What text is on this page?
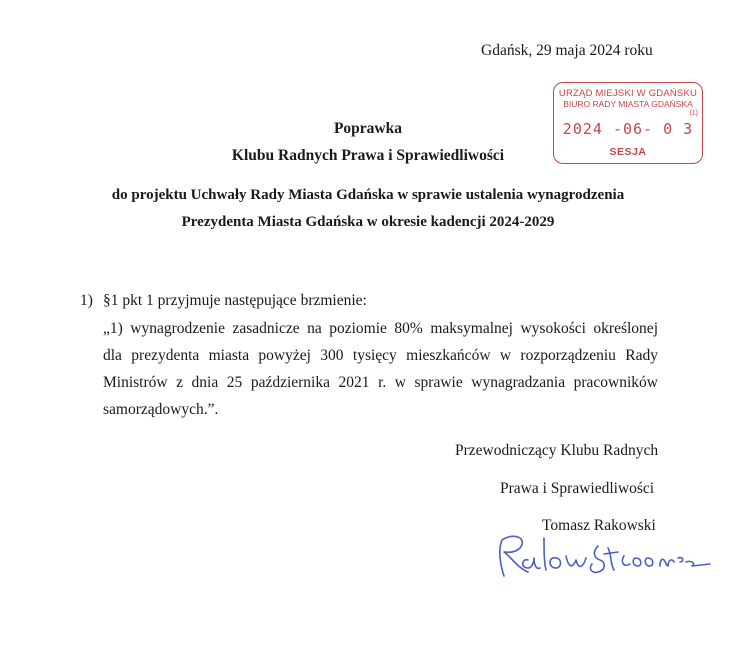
Gdańsk, 29 maja 2024 roku
URZĄD MIEJSKI W GDAŃSKU
BIURO RADY MIASTA GDAŃSKA
(1)
2024 -06- 0 3
SESJA
Poprawka
Klubu Radnych Prawa i Sprawiedliwości
do projektu Uchwały Rady Miasta Gdańska w sprawie ustalenia wynagrodzenia
Prezydenta Miasta Gdańska w okresie kadencji 2024-2029
1) §1 pkt 1 przyjmuje następujące brzmienie:
„1) wynagrodzenie zasadnicze na poziomie 80% maksymalnej wysokości określonej
dla prezydenta miasta powyżej 300 tysięcy mieszkańców w rozporządzeniu Rady
Ministrów z dnia 25 października 2021 r. w sprawie wynagradzania pracowników
samorządowych.”.
Przewodniczący Klubu Radnych
Prawa i Sprawiedliwości
Tomasz Rakowski
